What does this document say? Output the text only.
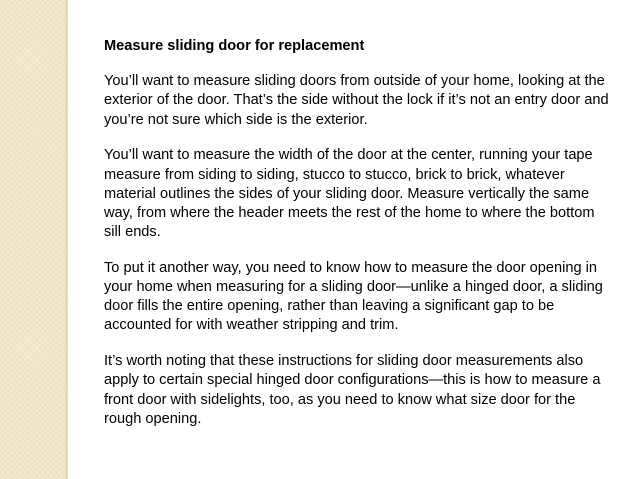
Measure sliding door for replacement

You’ll want to measure sliding doors from outside of your home, looking at the exterior of the door. That’s the side without the lock if it’s not an entry door and you’re not sure which side is the exterior.

You’ll want to measure the width of the door at the center, running your tape measure from siding to siding, stucco to stucco, brick to brick, whatever material outlines the sides of your sliding door. Measure vertically the same way, from where the header meets the rest of the home to where the bottom sill ends.

To put it another way, you need to know how to measure the door opening in your home when measuring for a sliding door—unlike a hinged door, a sliding door fills the entire opening, rather than leaving a significant gap to be accounted for with weather stripping and trim.

It’s worth noting that these instructions for sliding door measurements also apply to certain special hinged door configurations—this is how to measure a front door with sidelights, too, as you need to know what size door for the rough opening.
